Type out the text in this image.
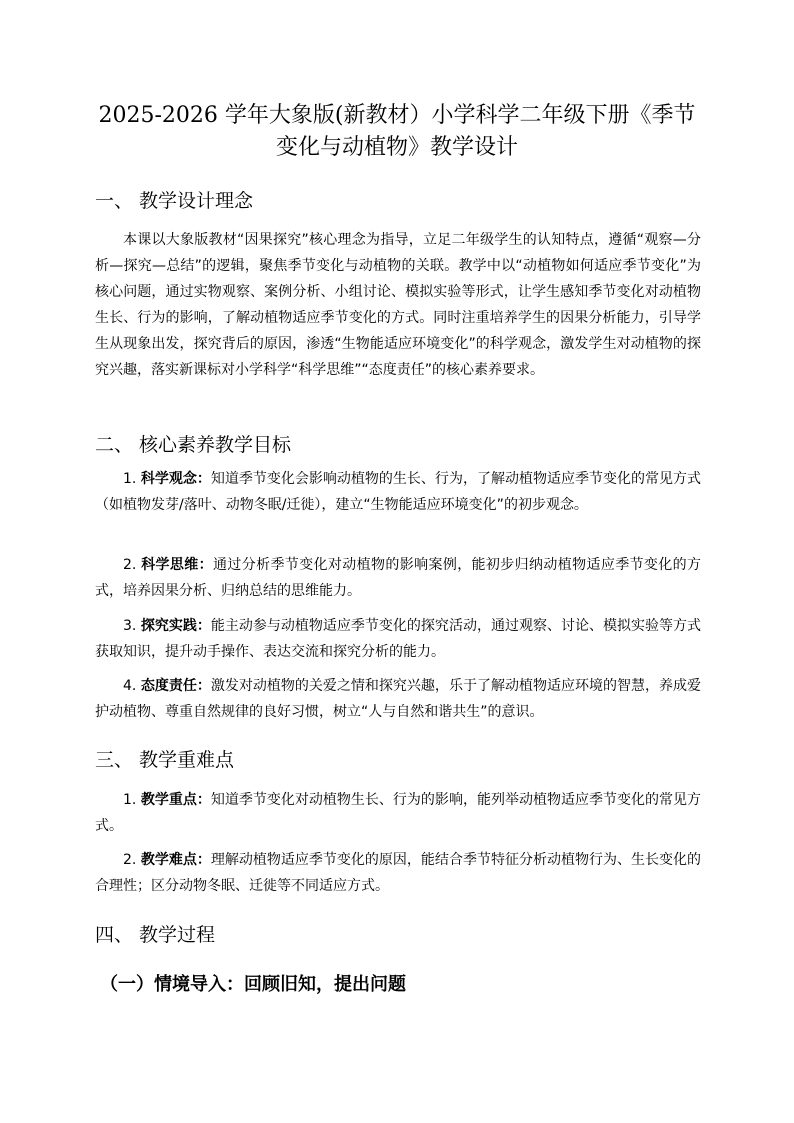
2025-2026 学年大象版(新教材）小学科学二年级下册《季节变化与动植物》教学设计
一、 教学设计理念

本课以大象版教材“因果探究”核心理念为指导，立足二年级学生的认知特点，遵循“观察—分析—探究—总结”的逻辑，聚焦季节变化与动植物的关联。教学中以“动植物如何适应季节变化”为核心问题，通过实物观察、案例分析、小组讨论、模拟实验等形式，让学生感知季节变化对动植物生长、行为的影响，了解动植物适应季节变化的方式。同时注重培养学生的因果分析能力，引导学生从现象出发，探究背后的原因，渗透“生物能适应环境变化”的科学观念，激发学生对动植物的探究兴趣，落实新课标对小学科学“科学思维”“态度责任”的核心素养要求。

二、 核心素养教学目标

1. 科学观念：知道季节变化会影响动植物的生长、行为，了解动植物适应季节变化的常见方式（如植物发芽/落叶、动物冬眠/迁徙），建立“生物能适应环境变化”的初步观念。

2. 科学思维：通过分析季节变化对动植物的影响案例，能初步归纳动植物适应季节变化的方式，培养因果分析、归纳总结的思维能力。

3. 探究实践：能主动参与动植物适应季节变化的探究活动，通过观察、讨论、模拟实验等方式获取知识，提升动手操作、表达交流和探究分析的能力。

4. 态度责任：激发对动植物的关爱之情和探究兴趣，乐于了解动植物适应环境的智慧，养成爱护动植物、尊重自然规律的良好习惯，树立“人与自然和谐共生”的意识。

三、 教学重难点

1. 教学重点：知道季节变化对动植物生长、行为的影响，能列举动植物适应季节变化的常见方式。

2. 教学难点：理解动植物适应季节变化的原因，能结合季节特征分析动植物行为、生长变化的合理性；区分动物冬眠、迁徙等不同适应方式。

四、 教学过程
（一）情境导入：回顾旧知，提出问题
